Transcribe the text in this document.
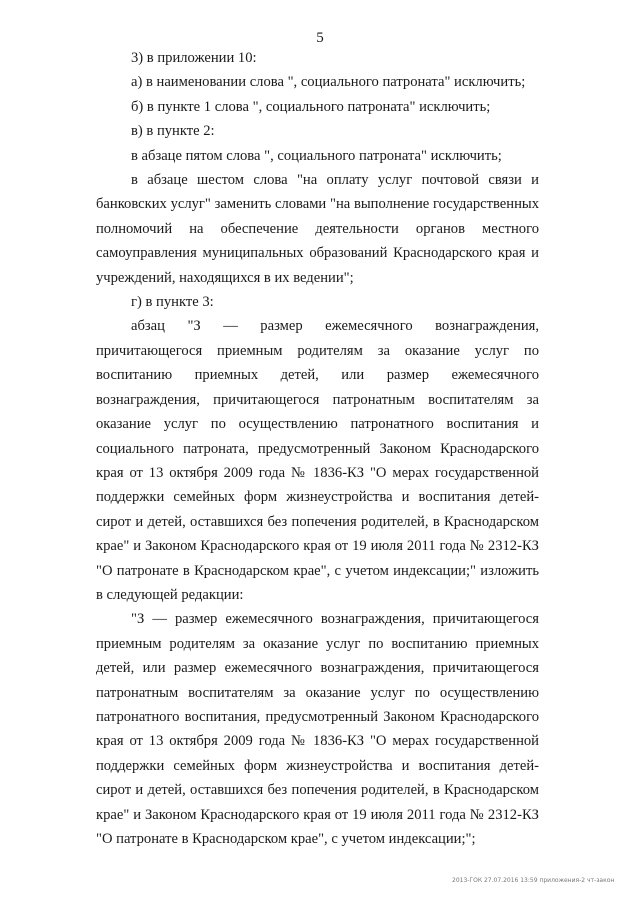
5

3) в приложении 10:

а) в наименовании слова ", социального патроната" исключить;

б) в пункте 1 слова ", социального патроната" исключить;

в) в пункте 2:

в абзаце пятом слова ", социального патроната" исключить;

в абзаце шестом слова "на оплату услуг почтовой связи и банковских услуг" заменить словами "на выполнение государственных полномочий на обеспечение деятельности органов местного самоуправления муниципальных образований Краснодарского края и учреждений, находящихся в их ведении";

г) в пункте 3:

абзац "З — размер ежемесячного вознаграждения, причитающегося приемным родителям за оказание услуг по воспитанию приемных детей, или размер ежемесячного вознаграждения, причитающегося патронатным воспитателям за оказание услуг по осуществлению патронатного воспитания и социального патроната, предусмотренный Законом Краснодарского края от 13 октября 2009 года № 1836-КЗ "О мерах государственной поддержки семейных форм жизнеустройства и воспитания детей-сирот и детей, оставшихся без попечения родителей, в Краснодарском крае" и Законом Краснодарского края от 19 июля 2011 года № 2312-КЗ "О патронате в Краснодарском крае", с учетом индексации;" изложить в следующей редакции:

"З — размер ежемесячного вознаграждения, причитающегося приемным родителям за оказание услуг по воспитанию приемных детей, или размер ежемесячного вознаграждения, причитающегося патронатным воспитателям за оказание услуг по осуществлению патронатного воспитания, предусмотренный Законом Краснодарского края от 13 октября 2009 года № 1836-КЗ "О мерах государственной поддержки семейных форм жизнеустройства и воспитания детей-сирот и детей, оставшихся без попечения родителей, в Краснодарском крае" и Законом Краснодарского края от 19 июля 2011 года № 2312-КЗ "О патронате в Краснодарском крае", с учетом индексации;";

2013-ГОК 27.07.2016 13:59 приложения-2 чт-закон
